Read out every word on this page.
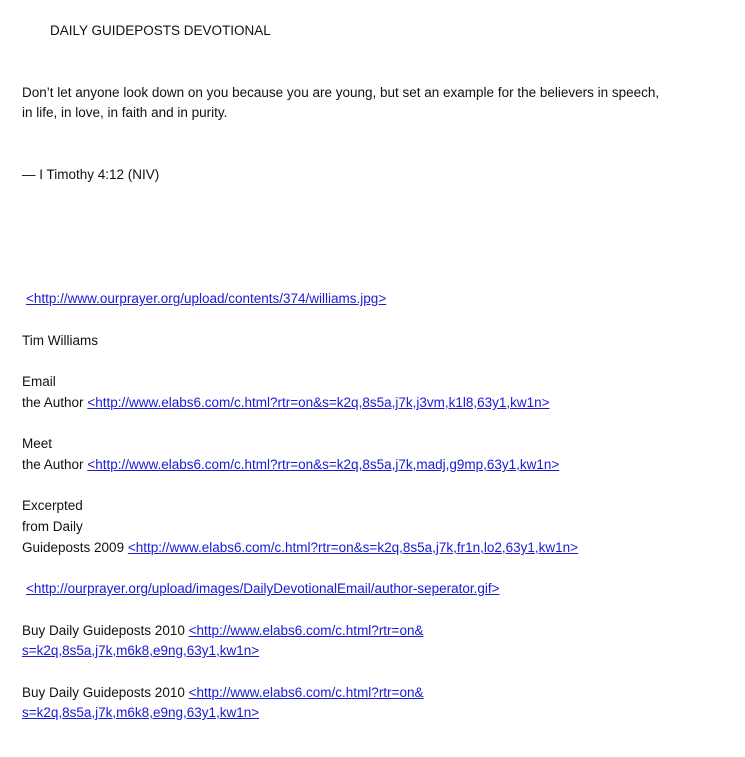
DAILY GUIDEPOSTS DEVOTIONAL
Don’t let anyone look down on you because you are young, but set an example for the believers in speech,
in life, in love, in faith and in purity.
— I Timothy 4:12 (NIV)
<http://www.ourprayer.org/upload/contents/374/williams.jpg>
Tim Williams
Email
the Author <http://www.elabs6.com/c.html?rtr=on&s=k2q,8s5a,j7k,j3vm,k1l8,63y1,kw1n>
Meet
the Author <http://www.elabs6.com/c.html?rtr=on&s=k2q,8s5a,j7k,madj,g9mp,63y1,kw1n>
Excerpted
from Daily
Guideposts 2009 <http://www.elabs6.com/c.html?rtr=on&s=k2q,8s5a,j7k,fr1n,lo2,63y1,kw1n>
<http://ourprayer.org/upload/images/DailyDevotionalEmail/author-seperator.gif>
Buy Daily Guideposts 2010 <http://www.elabs6.com/c.html?rtr=on&
s=k2q,8s5a,j7k,m6k8,e9ng,63y1,kw1n>
Buy Daily Guideposts 2010 <http://www.elabs6.com/c.html?rtr=on&
s=k2q,8s5a,j7k,m6k8,e9ng,63y1,kw1n>
